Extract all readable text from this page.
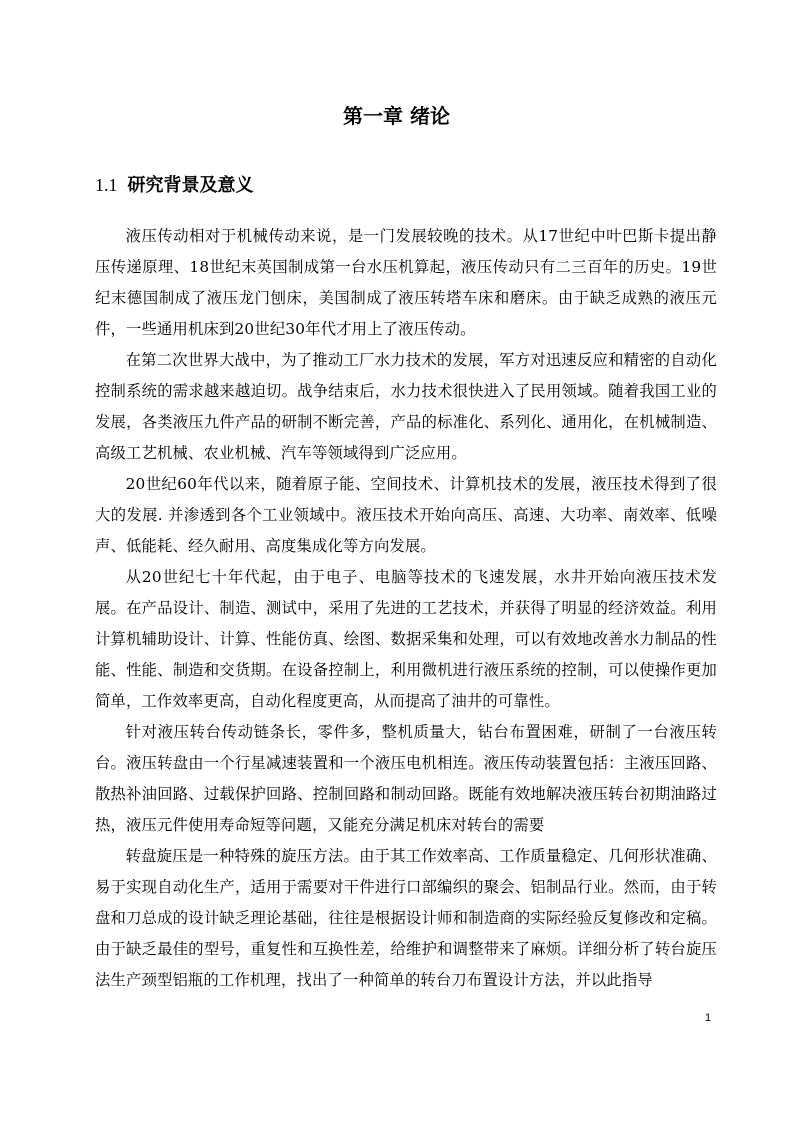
第一章 绪论
1.1 研究背景及意义

液压传动相对于机械传动来说，是一门发展较晚的技术。从17世纪中叶巴斯卡提出静压传递原理、18世纪末英国制成第一台水压机算起，液压传动只有二三百年的历史。19世纪末德国制成了液压龙门刨床，美国制成了液压转塔车床和磨床。由于缺乏成熟的液压元件，一些通用机床到20世纪30年代才用上了液压传动。

在第二次世界大战中，为了推动工厂水力技术的发展，军方对迅速反应和精密的自动化控制系统的需求越来越迫切。战争结束后，水力技术很快进入了民用领域。随着我国工业的发展，各类液压九件产品的研制不断完善，产品的标准化、系列化、通用化，在机械制造、高级工艺机械、农业机械、汽车等领域得到广泛应用。

20世纪60年代以来，随着原子能、空间技术、计算机技术的发展，液压技术得到了很大的发展. 并渗透到各个工业领域中。液压技术开始向高压、高速、大功率、南效率、低噪声、低能耗、经久耐用、高度集成化等方向发展。

从20世纪七十年代起，由于电子、电脑等技术的飞速发展，水井开始向液压技术发展。在产品设计、制造、测试中，采用了先进的工艺技术，并获得了明显的经济效益。利用计算机辅助设计、计算、性能仿真、绘图、数据采集和处理，可以有效地改善水力制品的性能、性能、制造和交货期。在设备控制上，利用微机进行液压系统的控制，可以使操作更加简单，工作效率更高，自动化程度更高，从而提高了油井的可靠性。

针对液压转台传动链条长，零件多，整机质量大，钻台布置困难，研制了一台液压转台。液压转盘由一个行星减速装置和一个液压电机相连。液压传动装置包括：主液压回路、散热补油回路、过载保护回路、控制回路和制动回路。既能有效地解决液压转台初期油路过热，液压元件使用寿命短等问题，又能充分满足机床对转台的需要

转盘旋压是一种特殊的旋压方法。由于其工作效率高、工作质量稳定、几何形状准确、易于实现自动化生产，适用于需要对干件进行口部编织的聚会、铝制品行业。然而，由于转盘和刀总成的设计缺乏理论基础，往往是根据设计师和制造商的实际经验反复修改和定稿。由于缺乏最佳的型号，重复性和互换性差，给维护和调整带来了麻烦。详细分析了转台旋压法生产颈型铝瓶的工作机理，找出了一种简单的转台刀布置设计方法，并以此指导

1
